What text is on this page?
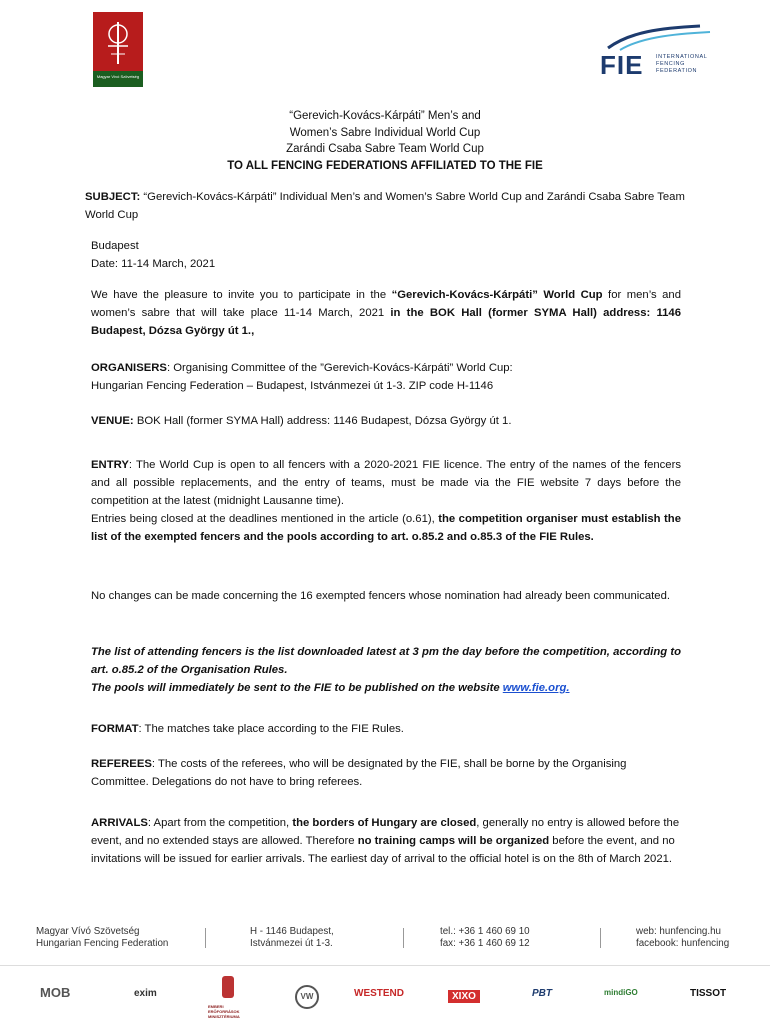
Magyar Vívó Szövetség	FIE INTERNATIONAL
FENCING
FEDERATION
“Gerevich-Kovács-Kárpáti” Men’s and
Women’s Sabre Individual World Cup
Zarándi Csaba Sabre Team World Cup
TO ALL FENCING FEDERATIONS AFFILIATED TO THE FIE
SUBJECT: “Gerevich-Kovács-Kárpáti” Individual Men’s and Women’s Sabre World Cup and Zarándi Csaba Sabre Team World Cup
Budapest
Date: 11-14 March, 2021
We have the pleasure to invite you to participate in the “Gerevich-Kovács-Kárpáti” World Cup for men’s and women’s sabre that will take place 11-14 March, 2021 in the BOK Hall (former SYMA Hall) address: 1146 Budapest, Dózsa György út 1.,
ORGANISERS: Organising Committee of the ”Gerevich-Kovács-Kárpáti” World Cup:
Hungarian Fencing Federation – Budapest, Istvánmezei út 1-3. ZIP code H-1146
VENUE: BOK Hall (former SYMA Hall) address: 1146 Budapest, Dózsa György út 1.
ENTRY: The World Cup is open to all fencers with a 2020-2021 FIE licence. The entry of the names of the fencers and all possible replacements, and the entry of teams, must be made via the FIE website 7 days before the competition at the latest (midnight Lausanne time).
Entries being closed at the deadlines mentioned in the article (o.61), the competition organiser must establish the list of the exempted fencers and the pools according to art. o.85.2 and o.85.3 of the FIE Rules.
No changes can be made concerning the 16 exempted fencers whose nomination had already been communicated.
The list of attending fencers is the list downloaded latest at 3 pm the day before the competition, according to art. o.85.2 of the Organisation Rules.
The pools will immediately be sent to the FIE to be published on the website www.fie.org.
FORMAT: The matches take place according to the FIE Rules.
REFEREES: The costs of the referees, who will be designated by the FIE, shall be borne by the Organising Committee. Delegations do not have to bring referees.
ARRIVALS: Apart from the competition, the borders of Hungary are closed, generally no entry is allowed before the event, and no extended stays are allowed. Therefore no training camps will be organized before the event, and no invitations will be issued for earlier arrivals. The earliest day of arrival to the official hotel is on the 8th of March 2021.
Magyar Vívó Szövetség
Hungarian Fencing Federation
H - 1146 Budapest,
Istvánmezei út 1-3.
tel.: +36 1 460 69 10
fax: +36 1 460 69 12
web: hunfencing.hu
facebook: hunfencing
MOB	exim
EMBERI ERŐFORRÁSOK MINISZTÉRIUMA
VW	WESTEND	XIXO	PBT	mindiGO	TISSOT
